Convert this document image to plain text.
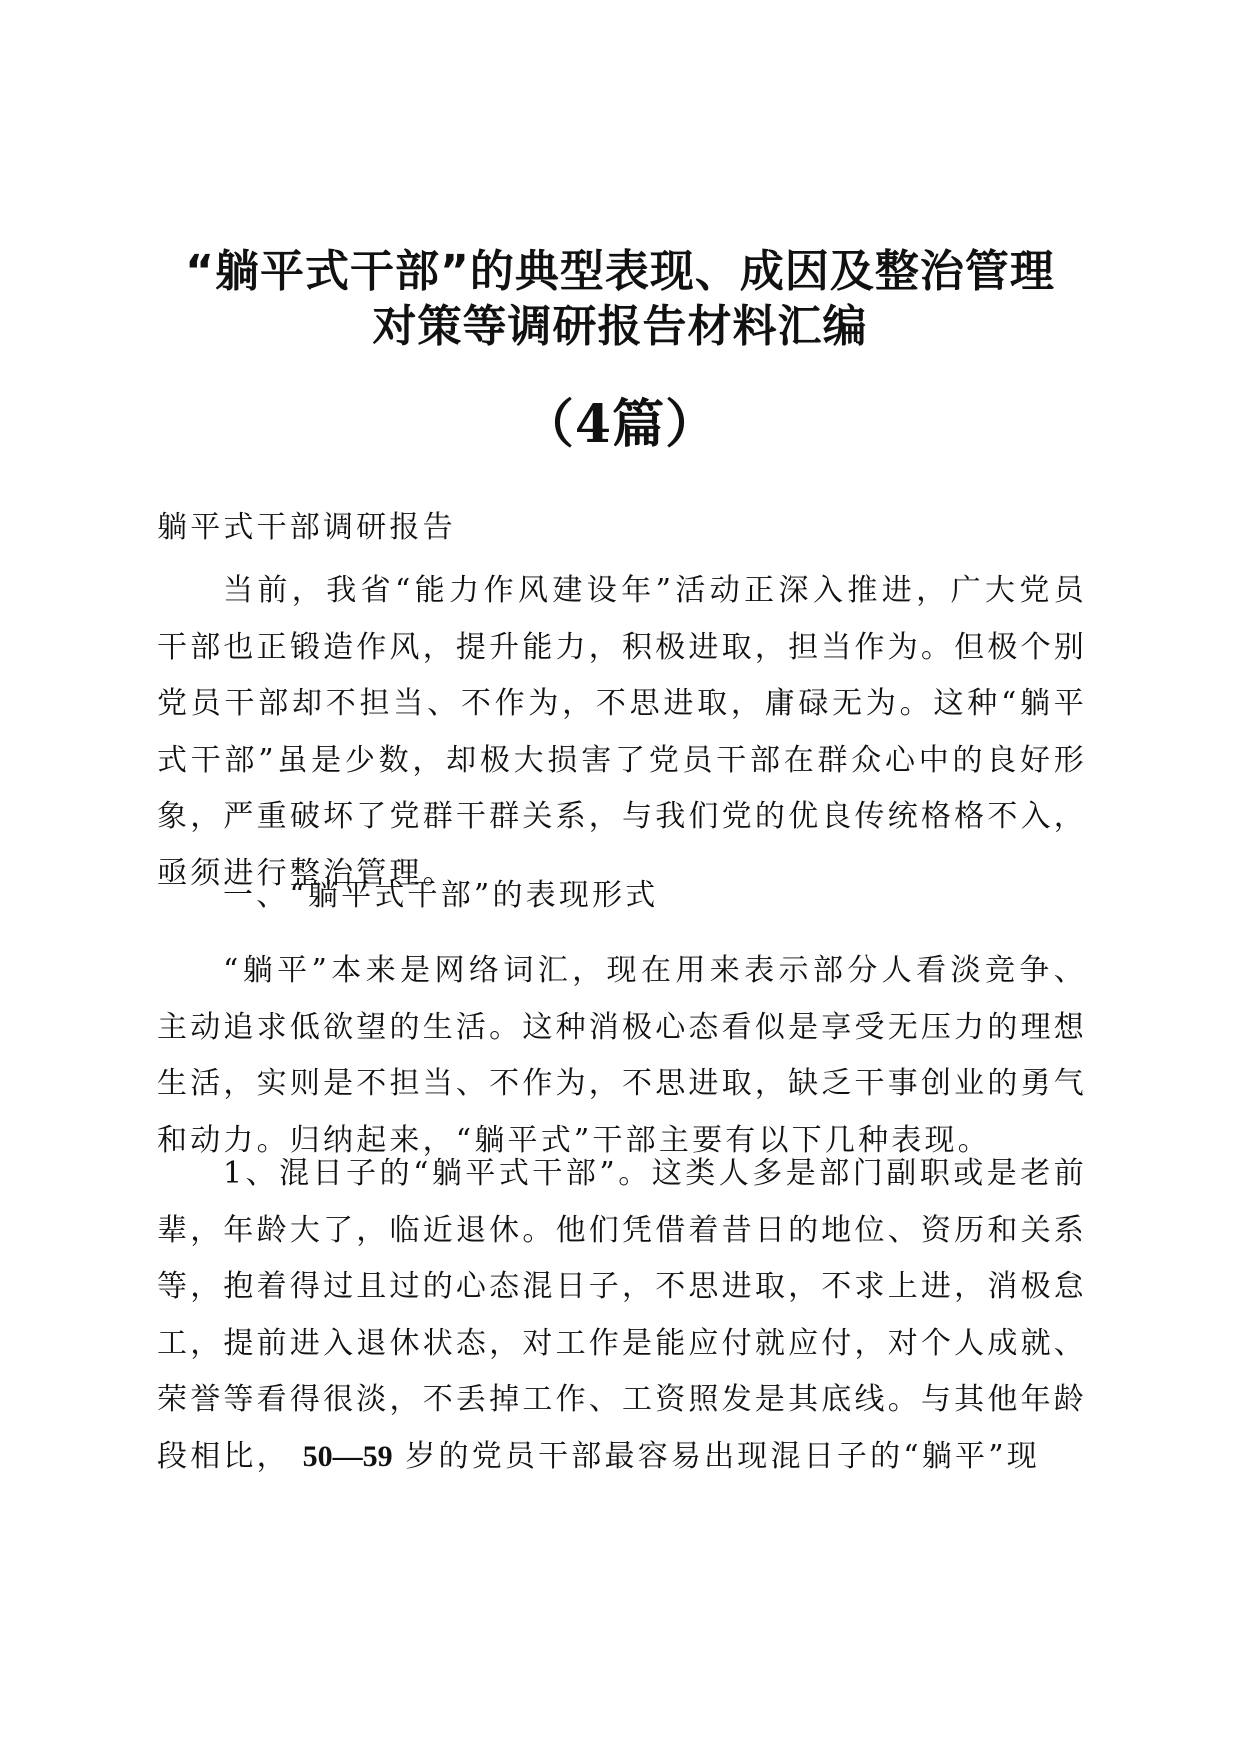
“躺平式干部”的典型表现、成因及整治管理
对策等调研报告材料汇编
（4篇）

躺平式干部调研报告

当前，我省“能力作风建设年”活动正深入推进，广大党员干部也正锻造作风，提升能力，积极进取，担当作为。但极个别党员干部却不担当、不作为，不思进取，庸碌无为。这种“躺平式干部”虽是少数，却极大损害了党员干部在群众心中的良好形象，严重破坏了党群干群关系，与我们党的优良传统格格不入，亟须进行整治管理。

一、“躺平式干部”的表现形式

“躺平”本来是网络词汇，现在用来表示部分人看淡竞争、主动追求低欲望的生活。这种消极心态看似是享受无压力的理想生活，实则是不担当、不作为，不思进取，缺乏干事创业的勇气和动力。归纳起来，“躺平式”干部主要有以下几种表现。

1、混日子的“躺平式干部”。这类人多是部门副职或是老前辈，年龄大了，临近退休。他们凭借着昔日的地位、资历和关系等，抱着得过且过的心态混日子，不思进取，不求上进，消极怠工，提前进入退休状态，对工作是能应付就应付，对个人成就、荣誉等看得很淡，不丢掉工作、工资照发是其底线。与其他年龄段相比， 50—59 岁的党员干部最容易出现混日子的“躺平”现
